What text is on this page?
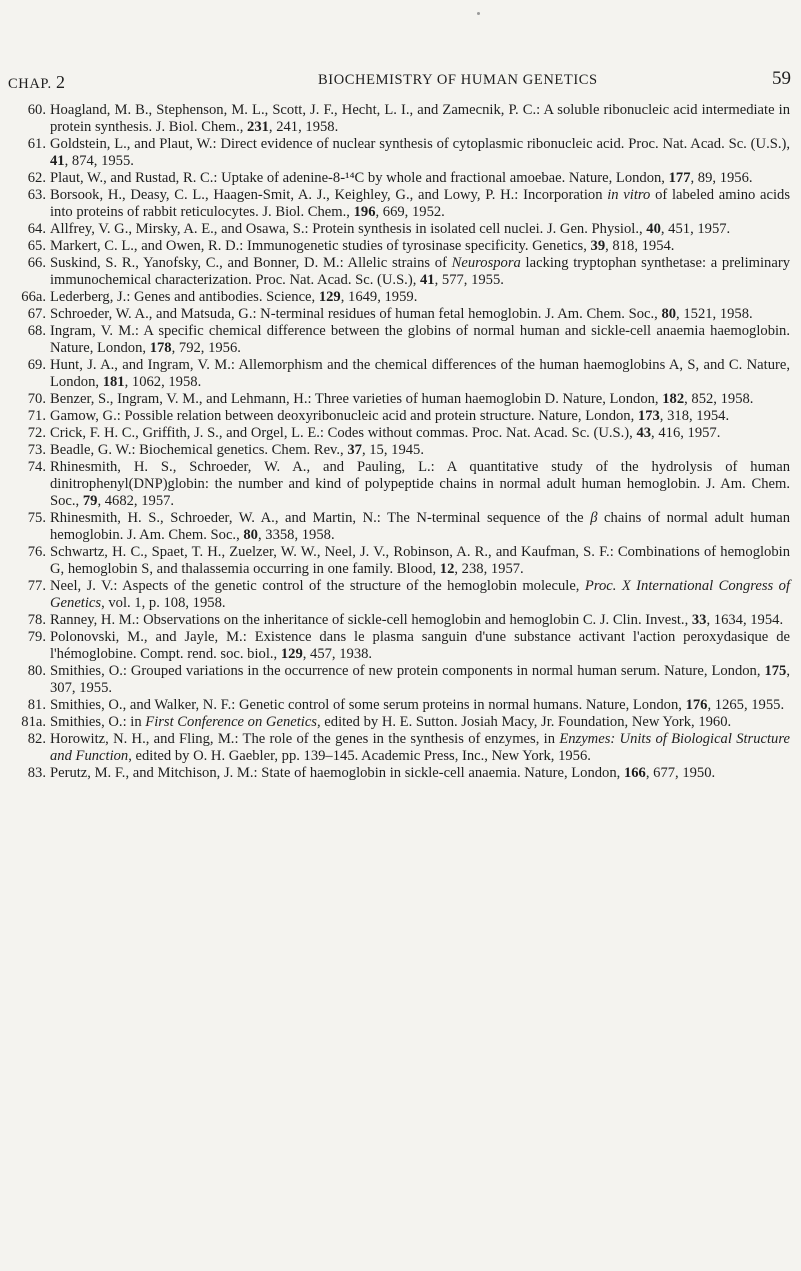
CHAP. 2	BIOCHEMISTRY OF HUMAN GENETICS	59
60. Hoagland, M. B., Stephenson, M. L., Scott, J. F., Hecht, L. I., and Zamecnik, P. C.: A soluble ribonucleic acid intermediate in protein synthesis. J. Biol. Chem., 231, 241, 1958.
61. Goldstein, L., and Plaut, W.: Direct evidence of nuclear synthesis of cytoplasmic ribonucleic acid. Proc. Nat. Acad. Sc. (U.S.), 41, 874, 1955.
62. Plaut, W., and Rustad, R. C.: Uptake of adenine-8-¹⁴C by whole and fractional amoebae. Nature, London, 177, 89, 1956.
63. Borsook, H., Deasy, C. L., Haagen-Smit, A. J., Keighley, G., and Lowy, P. H.: Incorporation in vitro of labeled amino acids into proteins of rabbit reticulocytes. J. Biol. Chem., 196, 669, 1952.
64. Allfrey, V. G., Mirsky, A. E., and Osawa, S.: Protein synthesis in isolated cell nuclei. J. Gen. Physiol., 40, 451, 1957.
65. Markert, C. L., and Owen, R. D.: Immunogenetic studies of tyrosinase specificity. Genetics, 39, 818, 1954.
66. Suskind, S. R., Yanofsky, C., and Bonner, D. M.: Allelic strains of Neurospora lacking tryptophan synthetase: a preliminary immunochemical characterization. Proc. Nat. Acad. Sc. (U.S.), 41, 577, 1955.
66a. Lederberg, J.: Genes and antibodies. Science, 129, 1649, 1959.
67. Schroeder, W. A., and Matsuda, G.: N-terminal residues of human fetal hemoglobin. J. Am. Chem. Soc., 80, 1521, 1958.
68. Ingram, V. M.: A specific chemical difference between the globins of normal human and sickle-cell anaemia haemoglobin. Nature, London, 178, 792, 1956.
69. Hunt, J. A., and Ingram, V. M.: Allemorphism and the chemical differences of the human haemoglobins A, S, and C. Nature, London, 181, 1062, 1958.
70. Benzer, S., Ingram, V. M., and Lehmann, H.: Three varieties of human haemoglobin D. Nature, London, 182, 852, 1958.
71. Gamow, G.: Possible relation between deoxyribonucleic acid and protein structure. Nature, London, 173, 318, 1954.
72. Crick, F. H. C., Griffith, J. S., and Orgel, L. E.: Codes without commas. Proc. Nat. Acad. Sc. (U.S.), 43, 416, 1957.
73. Beadle, G. W.: Biochemical genetics. Chem. Rev., 37, 15, 1945.
74. Rhinesmith, H. S., Schroeder, W. A., and Pauling, L.: A quantitative study of the hydrolysis of human dinitrophenyl(DNP)globin: the number and kind of polypeptide chains in normal adult human hemoglobin. J. Am. Chem. Soc., 79, 4682, 1957.
75. Rhinesmith, H. S., Schroeder, W. A., and Martin, N.: The N-terminal sequence of the β chains of normal adult human hemoglobin. J. Am. Chem. Soc., 80, 3358, 1958.
76. Schwartz, H. C., Spaet, T. H., Zuelzer, W. W., Neel, J. V., Robinson, A. R., and Kaufman, S. F.: Combinations of hemoglobin G, hemoglobin S, and thalassemia occurring in one family. Blood, 12, 238, 1957.
77. Neel, J. V.: Aspects of the genetic control of the structure of the hemoglobin molecule, Proc. X International Congress of Genetics, vol. 1, p. 108, 1958.
78. Ranney, H. M.: Observations on the inheritance of sickle-cell hemoglobin and hemoglobin C. J. Clin. Invest., 33, 1634, 1954.
79. Polonovski, M., and Jayle, M.: Existence dans le plasma sanguin d'une substance activant l'action peroxydasique de l'hémoglobine. Compt. rend. soc. biol., 129, 457, 1938.
80. Smithies, O.: Grouped variations in the occurrence of new protein components in normal human serum. Nature, London, 175, 307, 1955.
81. Smithies, O., and Walker, N. F.: Genetic control of some serum proteins in normal humans. Nature, London, 176, 1265, 1955.
81a. Smithies, O.: in First Conference on Genetics, edited by H. E. Sutton. Josiah Macy, Jr. Foundation, New York, 1960.
82. Horowitz, N. H., and Fling, M.: The role of the genes in the synthesis of enzymes, in Enzymes: Units of Biological Structure and Function, edited by O. H. Gaebler, pp. 139–145. Academic Press, Inc., New York, 1956.
83. Perutz, M. F., and Mitchison, J. M.: State of haemoglobin in sickle-cell anaemia. Nature, London, 166, 677, 1950.
